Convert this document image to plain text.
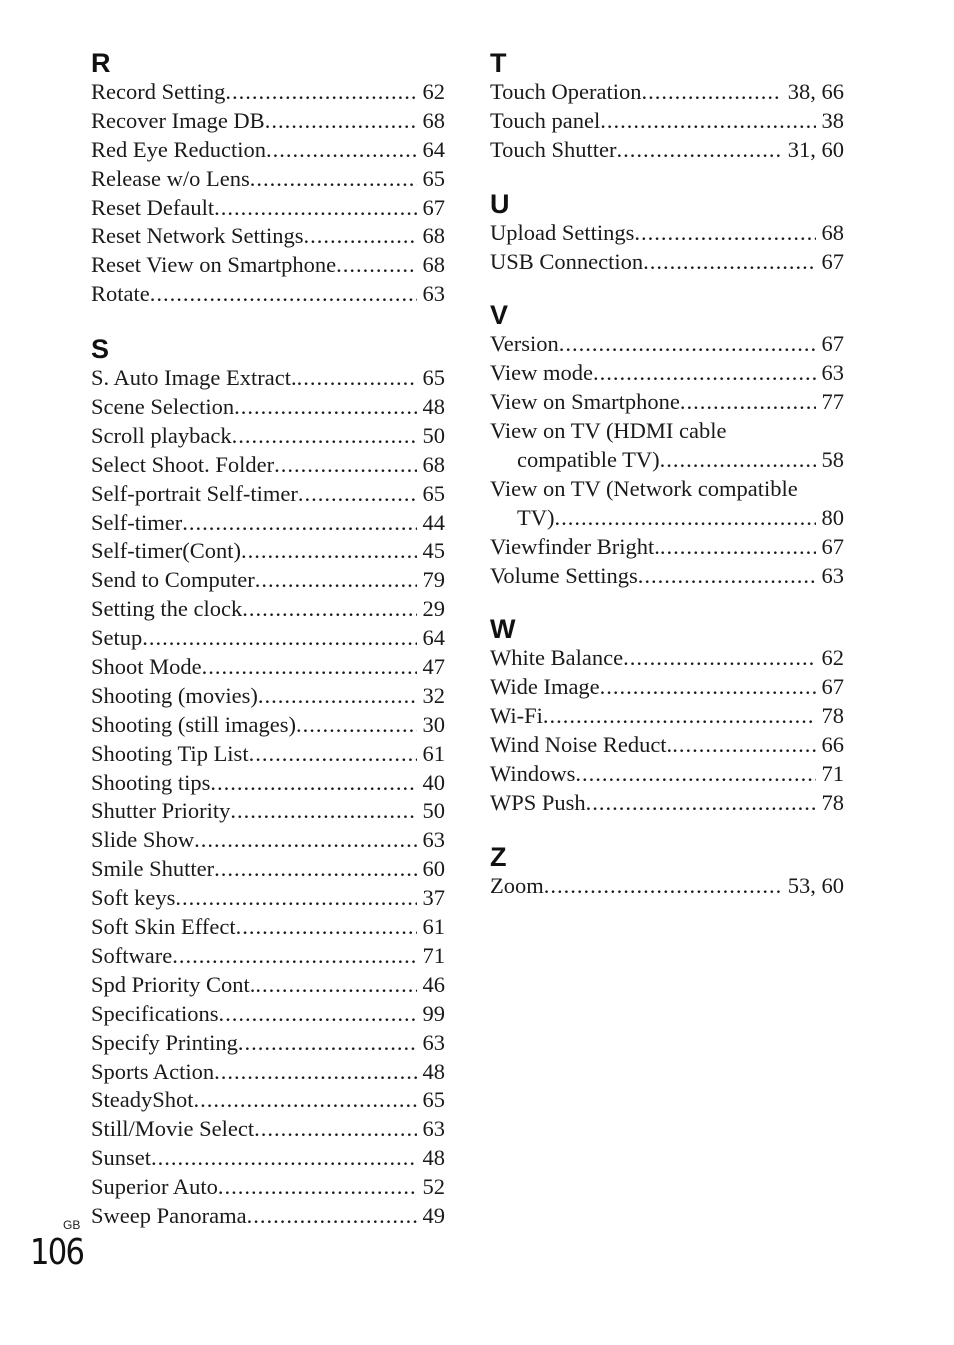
R
Record Setting .....	62
Recover Image DB .....	68
Red Eye Reduction .....	64
Release w/o Lens .....	65
Reset Default .....	67
Reset Network Settings .....	68
Reset View on Smartphone .....	68
Rotate .....	63
S
S. Auto Image Extract. .....	65
Scene Selection .....	48
Scroll playback .....	50
Select Shoot. Folder .....	68
Self-portrait Self-timer .....	65
Self-timer .....	44
Self-timer(Cont) .....	45
Send to Computer .....	79
Setting the clock .....	29
Setup .....	64
Shoot Mode .....	47
Shooting (movies) .....	32
Shooting (still images) .....	30
Shooting Tip List .....	61
Shooting tips .....	40
Shutter Priority .....	50
Slide Show .....	63
Smile Shutter .....	60
Soft keys .....	37
Soft Skin Effect .....	61
Software .....	71
Spd Priority Cont. .....	46
Specifications .....	99
Specify Printing .....	63
Sports Action .....	48
SteadyShot .....	65
Still/Movie Select .....	63
Sunset .....	48
Superior Auto .....	52
Sweep Panorama .....	49
T
Touch Operation .....	38, 66
Touch panel .....	38
Touch Shutter .....	31, 60
U
Upload Settings .....	68
USB Connection .....	67
V
Version .....	67
View mode .....	63
View on Smartphone .....	77
View on TV (HDMI cable
compatible TV) .....	58
View on TV (Network compatible
TV) .....	80
Viewfinder Bright. .....	67
Volume Settings .....	63
W
White Balance .....	62
Wide Image .....	67
Wi-Fi .....	78
Wind Noise Reduct. .....	66
Windows .....	71
WPS Push .....	78
Z
Zoom .....	53, 60
GB
106
